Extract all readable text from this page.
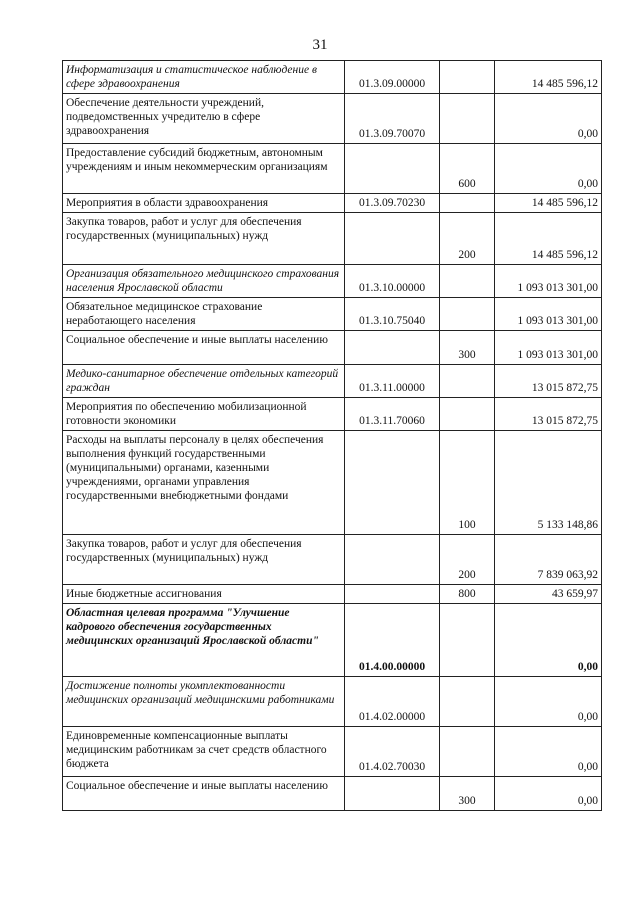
31
Информатизация и статистическое наблюдение в сфере здравоохранения	01.3.09.00000		14 485 596,12
Обеспечение деятельности учреждений, подведомственных учредителю в сфере здравоохранения	01.3.09.70070		0,00
Предоставление субсидий бюджетным, автономным учреждениям и иным некоммерческим организациям		600	0,00
Мероприятия в области здравоохранения	01.3.09.70230		14 485 596,12
Закупка товаров, работ и услуг для обеспечения государственных (муниципальных) нужд		200	14 485 596,12
Организация обязательного медицинского страхования населения Ярославской области	01.3.10.00000		1 093 013 301,00
Обязательное медицинское страхование неработающего населения	01.3.10.75040		1 093 013 301,00
Социальное обеспечение и иные выплаты населению		300	1 093 013 301,00
Медико-санитарное обеспечение отдельных категорий граждан	01.3.11.00000		13 015 872,75
Мероприятия по обеспечению мобилизационной готовности экономики	01.3.11.70060		13 015 872,75
Расходы на выплаты персоналу в целях обеспечения выполнения функций государственными (муниципальными) органами, казенными учреждениями, органами управления государственными внебюджетными фондами		100	5 133 148,86
Закупка товаров, работ и услуг для обеспечения государственных (муниципальных) нужд		200	7 839 063,92
Иные бюджетные ассигнования		800	43 659,97
Областная целевая программа "Улучшение кадрового обеспечения государственных медицинских организаций Ярославской области"	01.4.00.00000		0,00
Достижение полноты укомплектованности медицинских организаций медицинскими работниками	01.4.02.00000		0,00
Единовременные компенсационные выплаты медицинским работникам за счет средств областного бюджета	01.4.02.70030		0,00
Социальное обеспечение и иные выплаты населению		300	0,00
